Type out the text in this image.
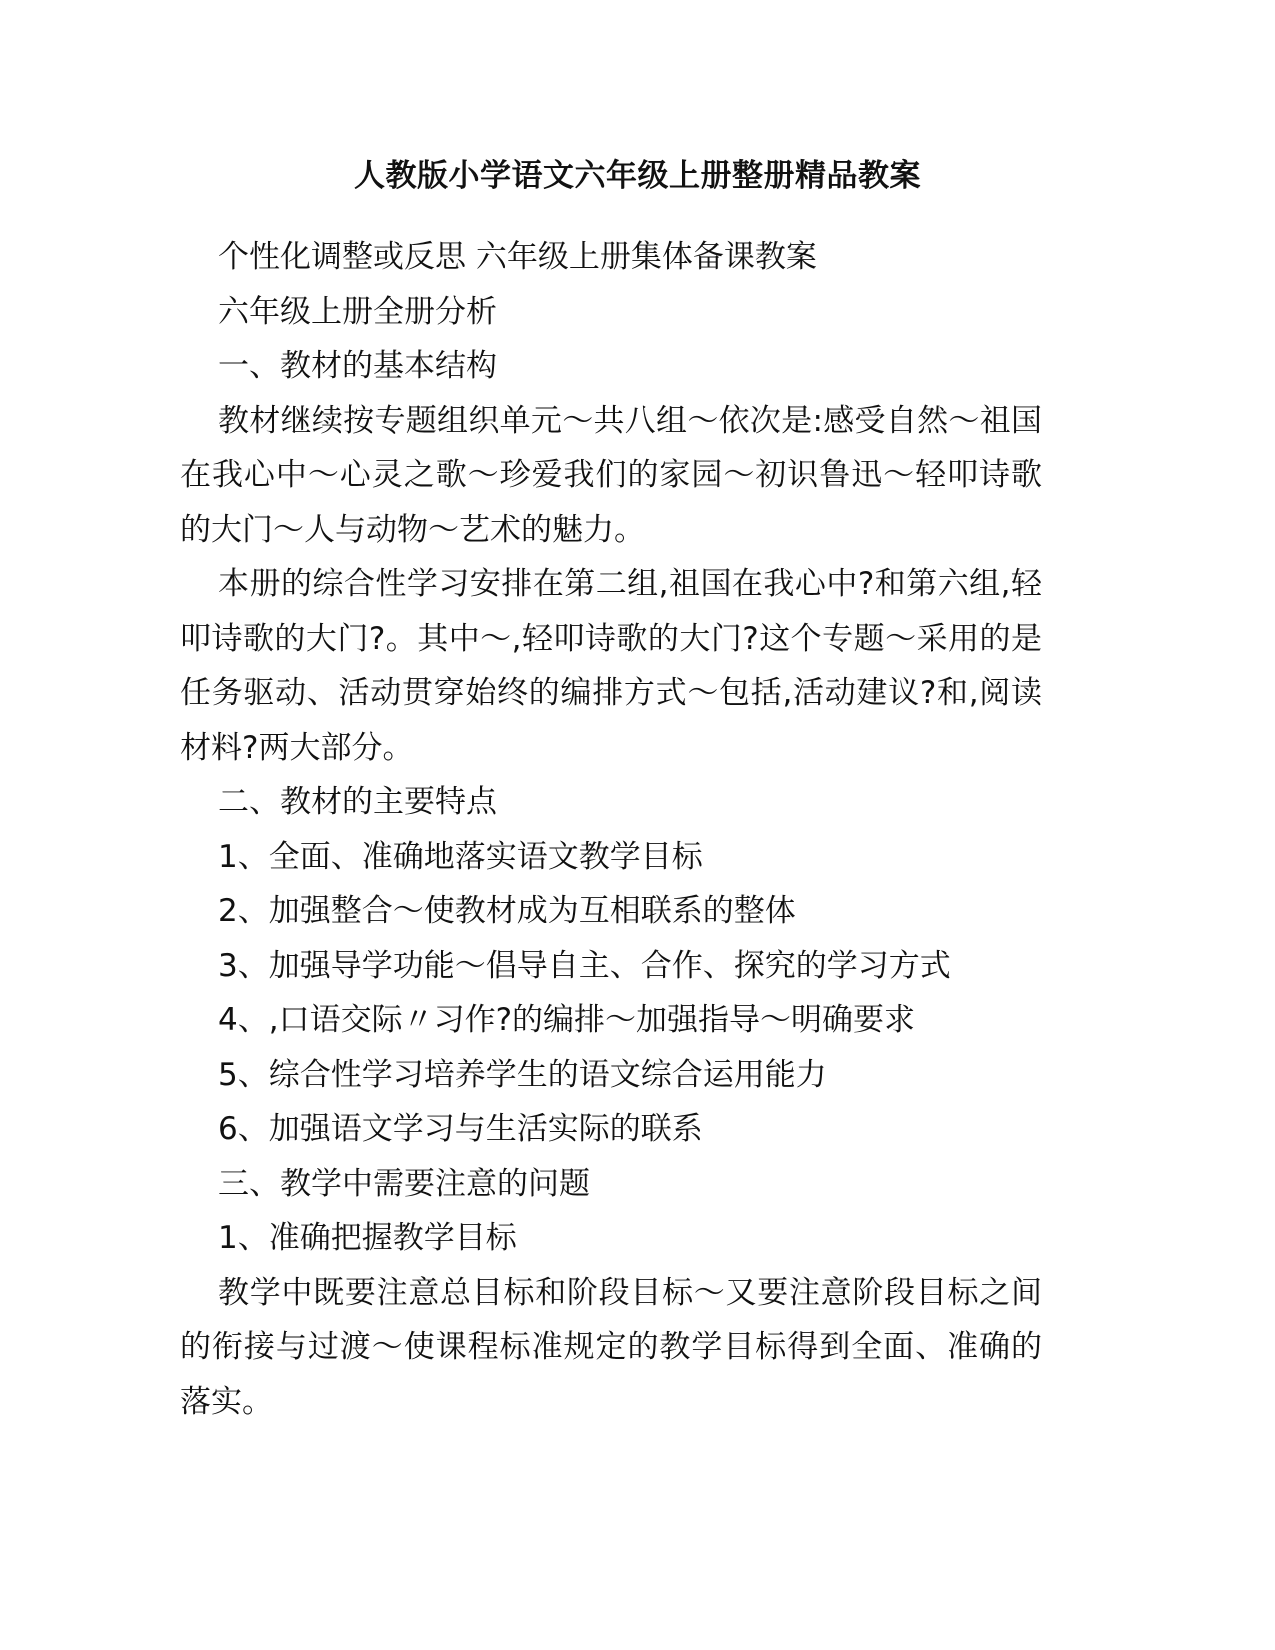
人教版小学语文六年级上册整册精品教案

个性化调整或反思 六年级上册集体备课教案

六年级上册全册分析

一、教材的基本结构

教材继续按专题组织单元～共八组～依次是:感受自然～祖国在我心中～心灵之歌～珍爱我们的家园～初识鲁迅～轻叩诗歌的大门～人与动物～艺术的魅力。

本册的综合性学习安排在第二组,祖国在我心中?和第六组,轻叩诗歌的大门?。其中～,轻叩诗歌的大门?这个专题～采用的是任务驱动、活动贯穿始终的编排方式～包括,活动建议?和,阅读材料?两大部分。

二、教材的主要特点

1、全面、准确地落实语文教学目标

2、加强整合～使教材成为互相联系的整体

3、加强导学功能～倡导自主、合作、探究的学习方式

4、,口语交际〃习作?的编排～加强指导～明确要求

5、综合性学习培养学生的语文综合运用能力

6、加强语文学习与生活实际的联系

三、教学中需要注意的问题

1、准确把握教学目标

教学中既要注意总目标和阶段目标～又要注意阶段目标之间的衔接与过渡～使课程标准规定的教学目标得到全面、准确的落实。
